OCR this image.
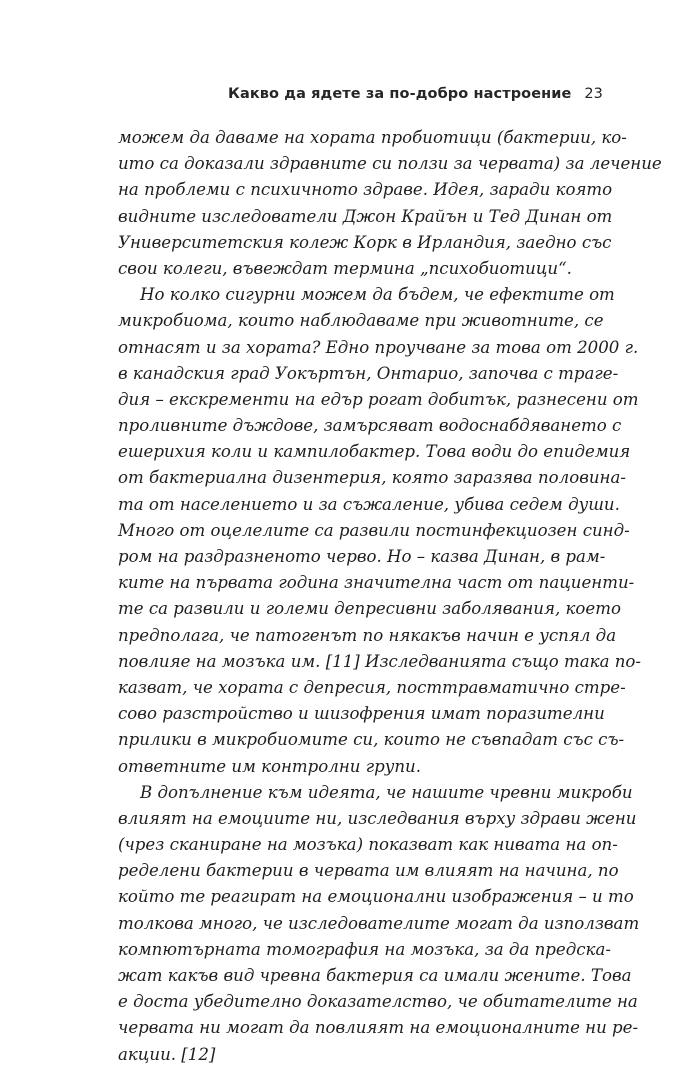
Какво да ядете за по-добро настроение 23
можем да даваме на хората пробиотици (бактерии, ко-
ито са доказали здравните си ползи за червата) за лечение
на проблеми с психичното здраве. Идея, заради която
видните изследователи Джон Крайън и Тед Динан от
Университетския колеж Корк в Ирландия, заедно със
свои колеги, въвеждат термина „психобиотици“.
Но колко сигурни можем да бъдем, че ефектите от
микробиома, които наблюдаваме при животните, се
отнасят и за хората? Едно проучване за това от 2000 г.
в канадския град Уокъртън, Онтарио, започва с траге-
дия – екскременти на едър рогат добитък, разнесени от
проливните дъждове, замърсяват водоснабдяването с
ешерихия коли и кампилобактер. Това води до епидемия
от бактериална дизентерия, която заразява половина-
та от населението и за съжаление, убива седем души.
Много от оцелелите са развили постинфекциозен синд-
ром на раздразненото черво. Но – казва Динан, в рам-
ките на първата година значителна част от пациенти-
те са развили и големи депресивни заболявания, което
предполага, че патогенът по някакъв начин е успял да
повлияе на мозъка им. [11] Изследванията също така по-
казват, че хората с депресия, посттравматично стре-
сово разстройство и шизофрения имат поразителни
прилики в микробиомите си, които не съвпадат със съ-
ответните им контролни групи.
В допълнение към идеята, че нашите чревни микроби
влияят на емоциите ни, изследвания върху здрави жени
(чрез сканиране на мозъка) показват как нивата на оп-
ределени бактерии в червата им влияят на начина, по
който те реагират на емоционални изображения – и то
толкова много, че изследователите могат да използват
компютърната томография на мозъка, за да предска-
жат какъв вид чревна бактерия са имали жените. Това
е доста убедително доказателство, че обитателите на
червата ни могат да повлияят на емоционалните ни ре-
акции. [12]
